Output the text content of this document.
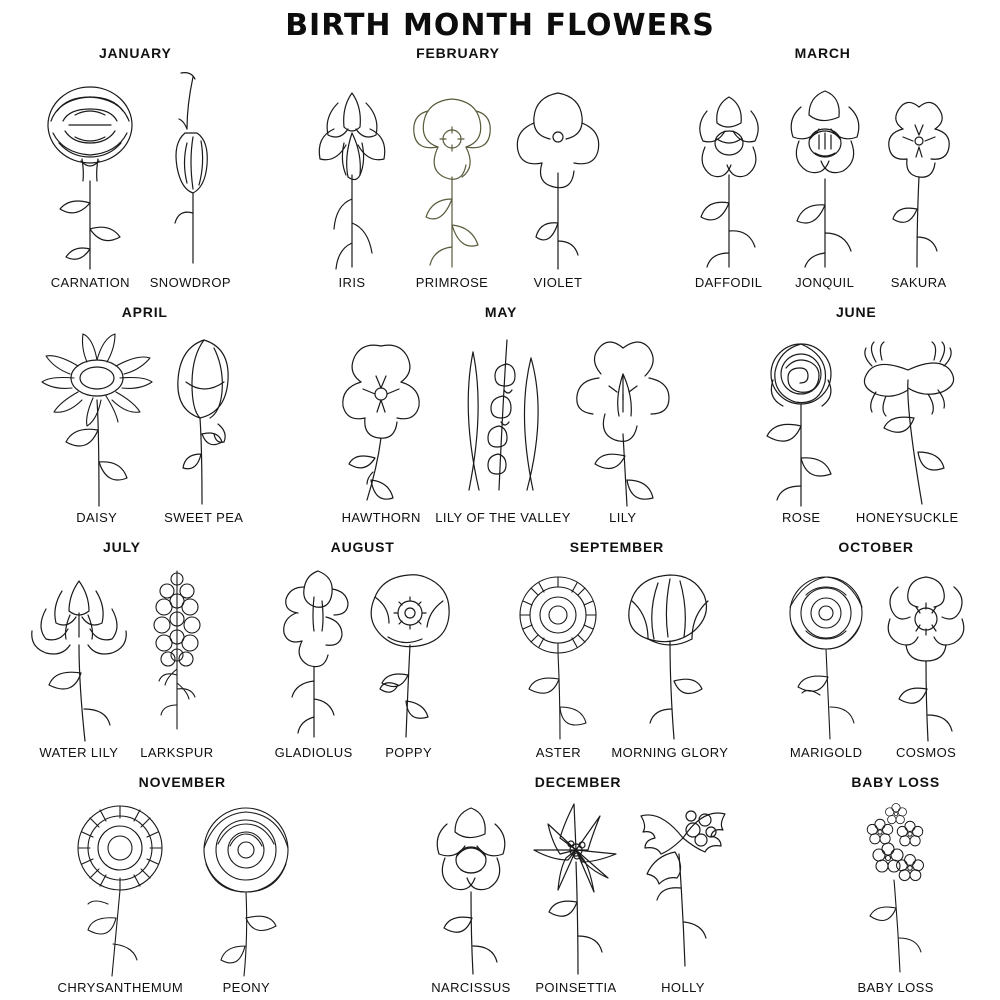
BIRTH MONTH FLOWERS
JANUARY
CARNATION SNOWDROP
FEBRUARY
IRIS	PRIMROSE	VIOLET
MARCH
DAFFODIL	JONQUIL	SAKURA
APRIL
DAISY	SWEET PEA
MAY
HAWTHORN LILY OF THE VALLEY	LILY
JUNE
ROSE	HONEYSUCKLE
JULY
WATER LILY LARKSPUR
AUGUST
GLADIOLUS	POPPY
SEPTEMBER
ASTER MORNING GLORY
OCTOBER
MARIGOLD	COSMOS
NOVEMBER
CHRYSANTHEMUM	PEONY
DECEMBER
NARCISSUS POINSETTIA	HOLLY
BABY LOSS
BABY LOSS
